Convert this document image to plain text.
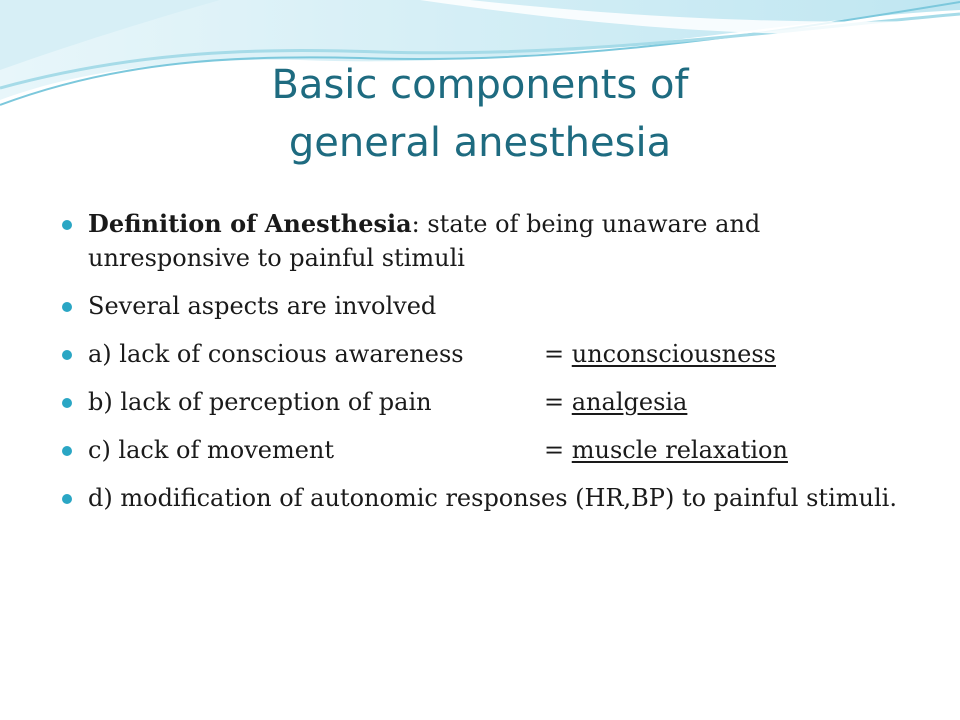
Basic components of
general anesthesia
Definition of Anesthesia: state of being unaware and unresponsive to painful stimuli
Several aspects are involved
a) lack of conscious awareness	= unconsciousness
b) lack of perception of pain	= analgesia
c) lack of movement	= muscle relaxation
d) modification of autonomic responses (HR,BP) to painful stimuli.
